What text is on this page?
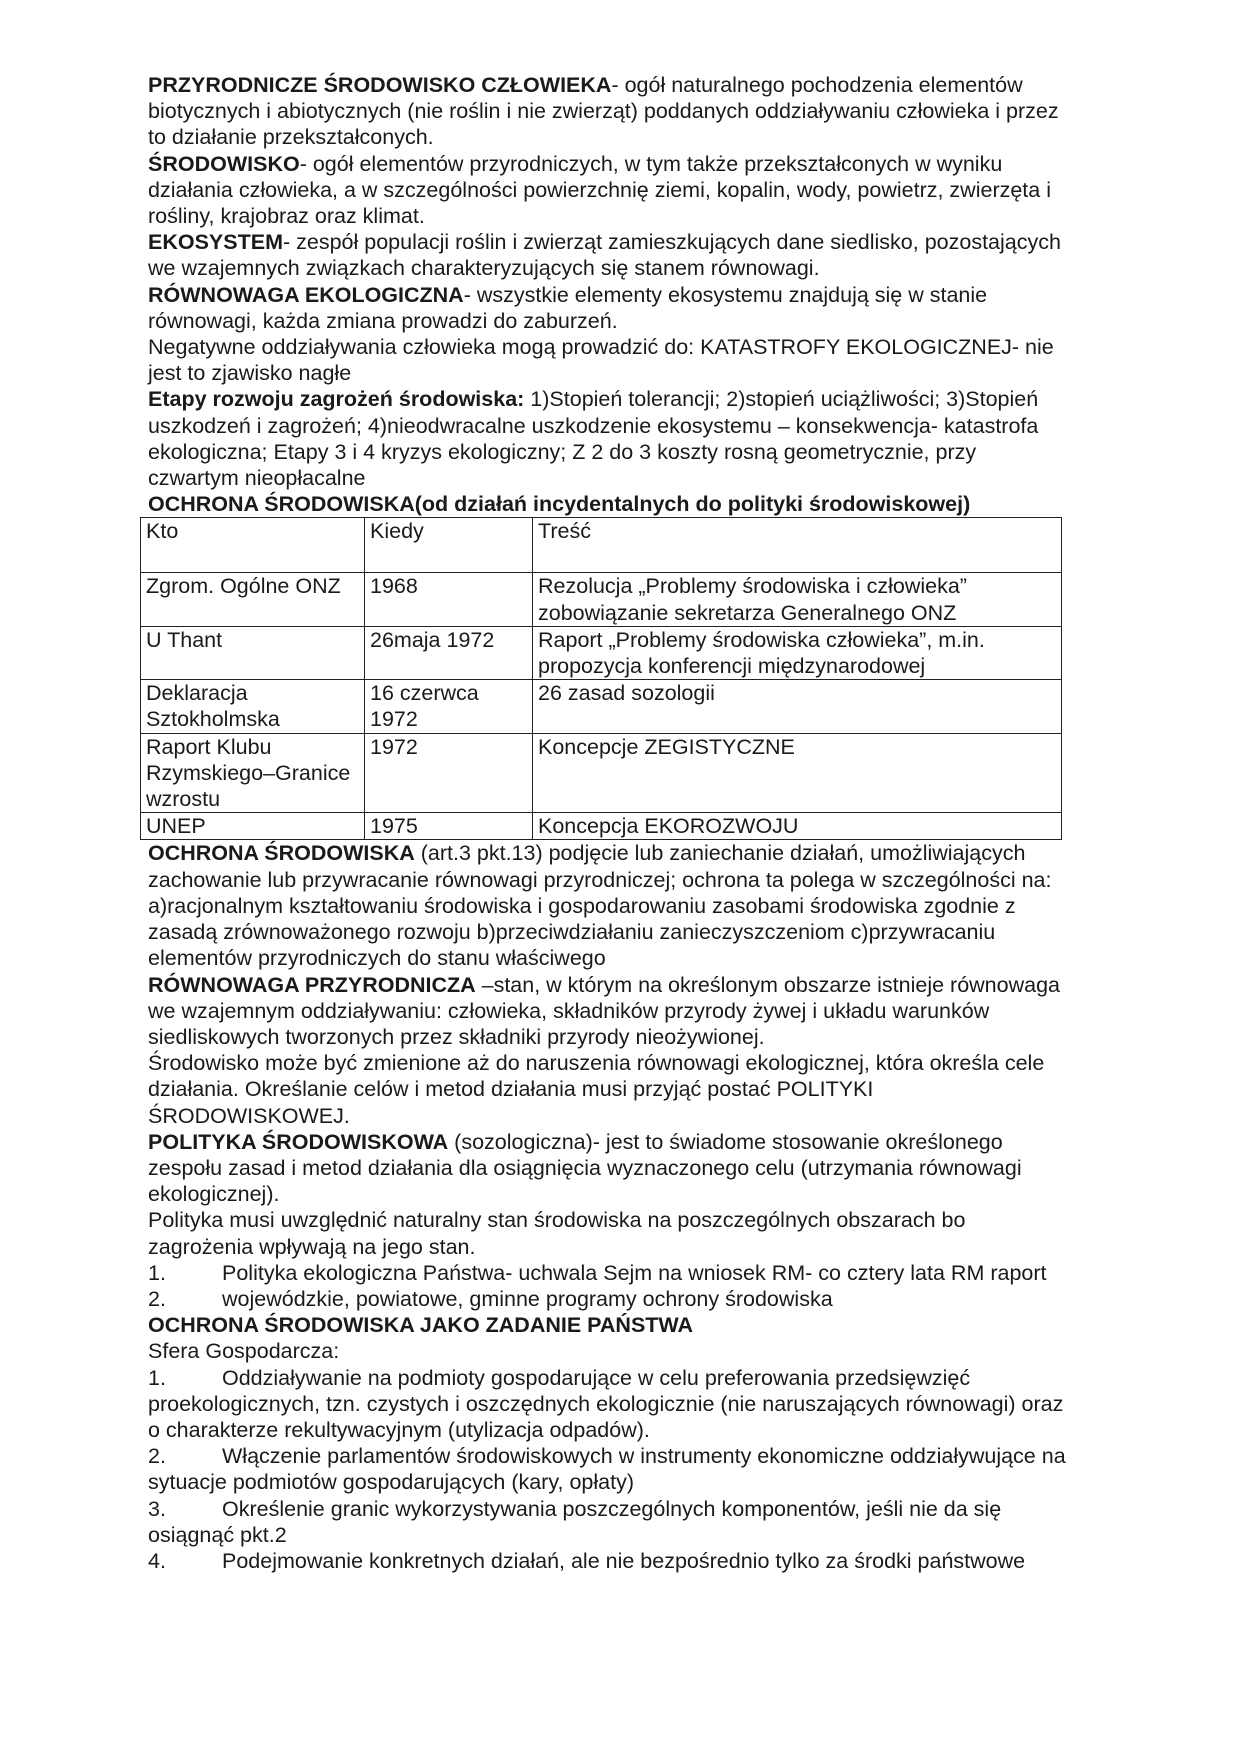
PRZYRODNICZE ŚRODOWISKO CZŁOWIEKA- ogół naturalnego pochodzenia elementów biotycznych i abiotycznych (nie roślin i nie zwierząt) poddanych oddziaływaniu człowieka i przez to działanie przekształconych.

ŚRODOWISKO- ogół elementów przyrodniczych, w tym także przekształconych w wyniku działania człowieka, a w szczególności powierzchnię ziemi, kopalin, wody, powietrz, zwierzęta i rośliny, krajobraz oraz klimat.

EKOSYSTEM- zespół populacji roślin i zwierząt zamieszkujących dane siedlisko, pozostających we wzajemnych związkach charakteryzujących się stanem równowagi.

RÓWNOWAGA EKOLOGICZNA- wszystkie elementy ekosystemu znajdują się w stanie równowagi, każda zmiana prowadzi do zaburzeń.

Negatywne oddziaływania człowieka mogą prowadzić do: KATASTROFY EKOLOGICZNEJ- nie jest to zjawisko nagłe

Etapy rozwoju zagrożeń środowiska: 1)Stopień tolerancji; 2)stopień uciążliwości; 3)Stopień uszkodzeń i zagrożeń; 4)nieodwracalne uszkodzenie ekosystemu – konsekwencja- katastrofa ekologiczna; Etapy 3 i 4 kryzys ekologiczny; Z 2 do 3 koszty rosną geometrycznie, przy czwartym nieopłacalne

OCHRONA ŚRODOWISKA(od działań incydentalnych do polityki środowiskowej)

Kto	Kiedy	Treść
Zgrom. Ogólne ONZ	1968	Rezolucja „Problemy środowiska i człowieka” zobowiązanie sekretarza Generalnego ONZ
U Thant	26maja 1972	Raport „Problemy środowiska człowieka”, m.in. propozycja konferencji międzynarodowej
Deklaracja Sztokholmska	16 czerwca 1972	26 zasad sozologii
Raport Klubu Rzymskiego–Granice wzrostu	1972	Koncepcje ZEGISTYCZNE
UNEP	1975	Koncepcja EKOROZWOJU

OCHRONA ŚRODOWISKA (art.3 pkt.13) podjęcie lub zaniechanie działań, umożliwiających zachowanie lub przywracanie równowagi przyrodniczej; ochrona ta polega w szczególności na: a)racjonalnym kształtowaniu środowiska i gospodarowaniu zasobami środowiska zgodnie z zasadą zrównoważonego rozwoju b)przeciwdziałaniu zanieczyszczeniom c)przywracaniu elementów przyrodniczych do stanu właściwego

RÓWNOWAGA PRZYRODNICZA –stan, w którym na określonym obszarze istnieje równowaga we wzajemnym oddziaływaniu: człowieka, składników przyrody żywej i układu warunków siedliskowych tworzonych przez składniki przyrody nieożywionej.

Środowisko może być zmienione aż do naruszenia równowagi ekologicznej, która określa cele działania. Określanie celów i metod działania musi przyjąć postać POLITYKI ŚRODOWISKOWEJ.

POLITYKA ŚRODOWISKOWA (sozologiczna)- jest to świadome stosowanie określonego zespołu zasad i metod działania dla osiągnięcia wyznaczonego celu (utrzymania równowagi ekologicznej).

Polityka musi uwzględnić naturalny stan środowiska na poszczególnych obszarach bo zagrożenia wpływają na jego stan.

1.	Polityka ekologiczna Państwa- uchwala Sejm na wniosek RM- co cztery lata RM raport

2.	wojewódzkie, powiatowe, gminne programy ochrony środowiska

OCHRONA ŚRODOWISKA JAKO ZADANIE PAŃSTWA

Sfera Gospodarcza:

1.	Oddziaływanie na podmioty gospodarujące w celu preferowania przedsięwzięć proekologicznych, tzn. czystych i oszczędnych ekologicznie (nie naruszających równowagi) oraz o charakterze rekultywacyjnym (utylizacja odpadów).

2.	Włączenie parlamentów środowiskowych w instrumenty ekonomiczne oddziaływujące na sytuacje podmiotów gospodarujących (kary, opłaty)

3.	Określenie granic wykorzystywania poszczególnych komponentów, jeśli nie da się osiągnąć pkt.2

4.	Podejmowanie konkretnych działań, ale nie bezpośrednio tylko za środki państwowe
